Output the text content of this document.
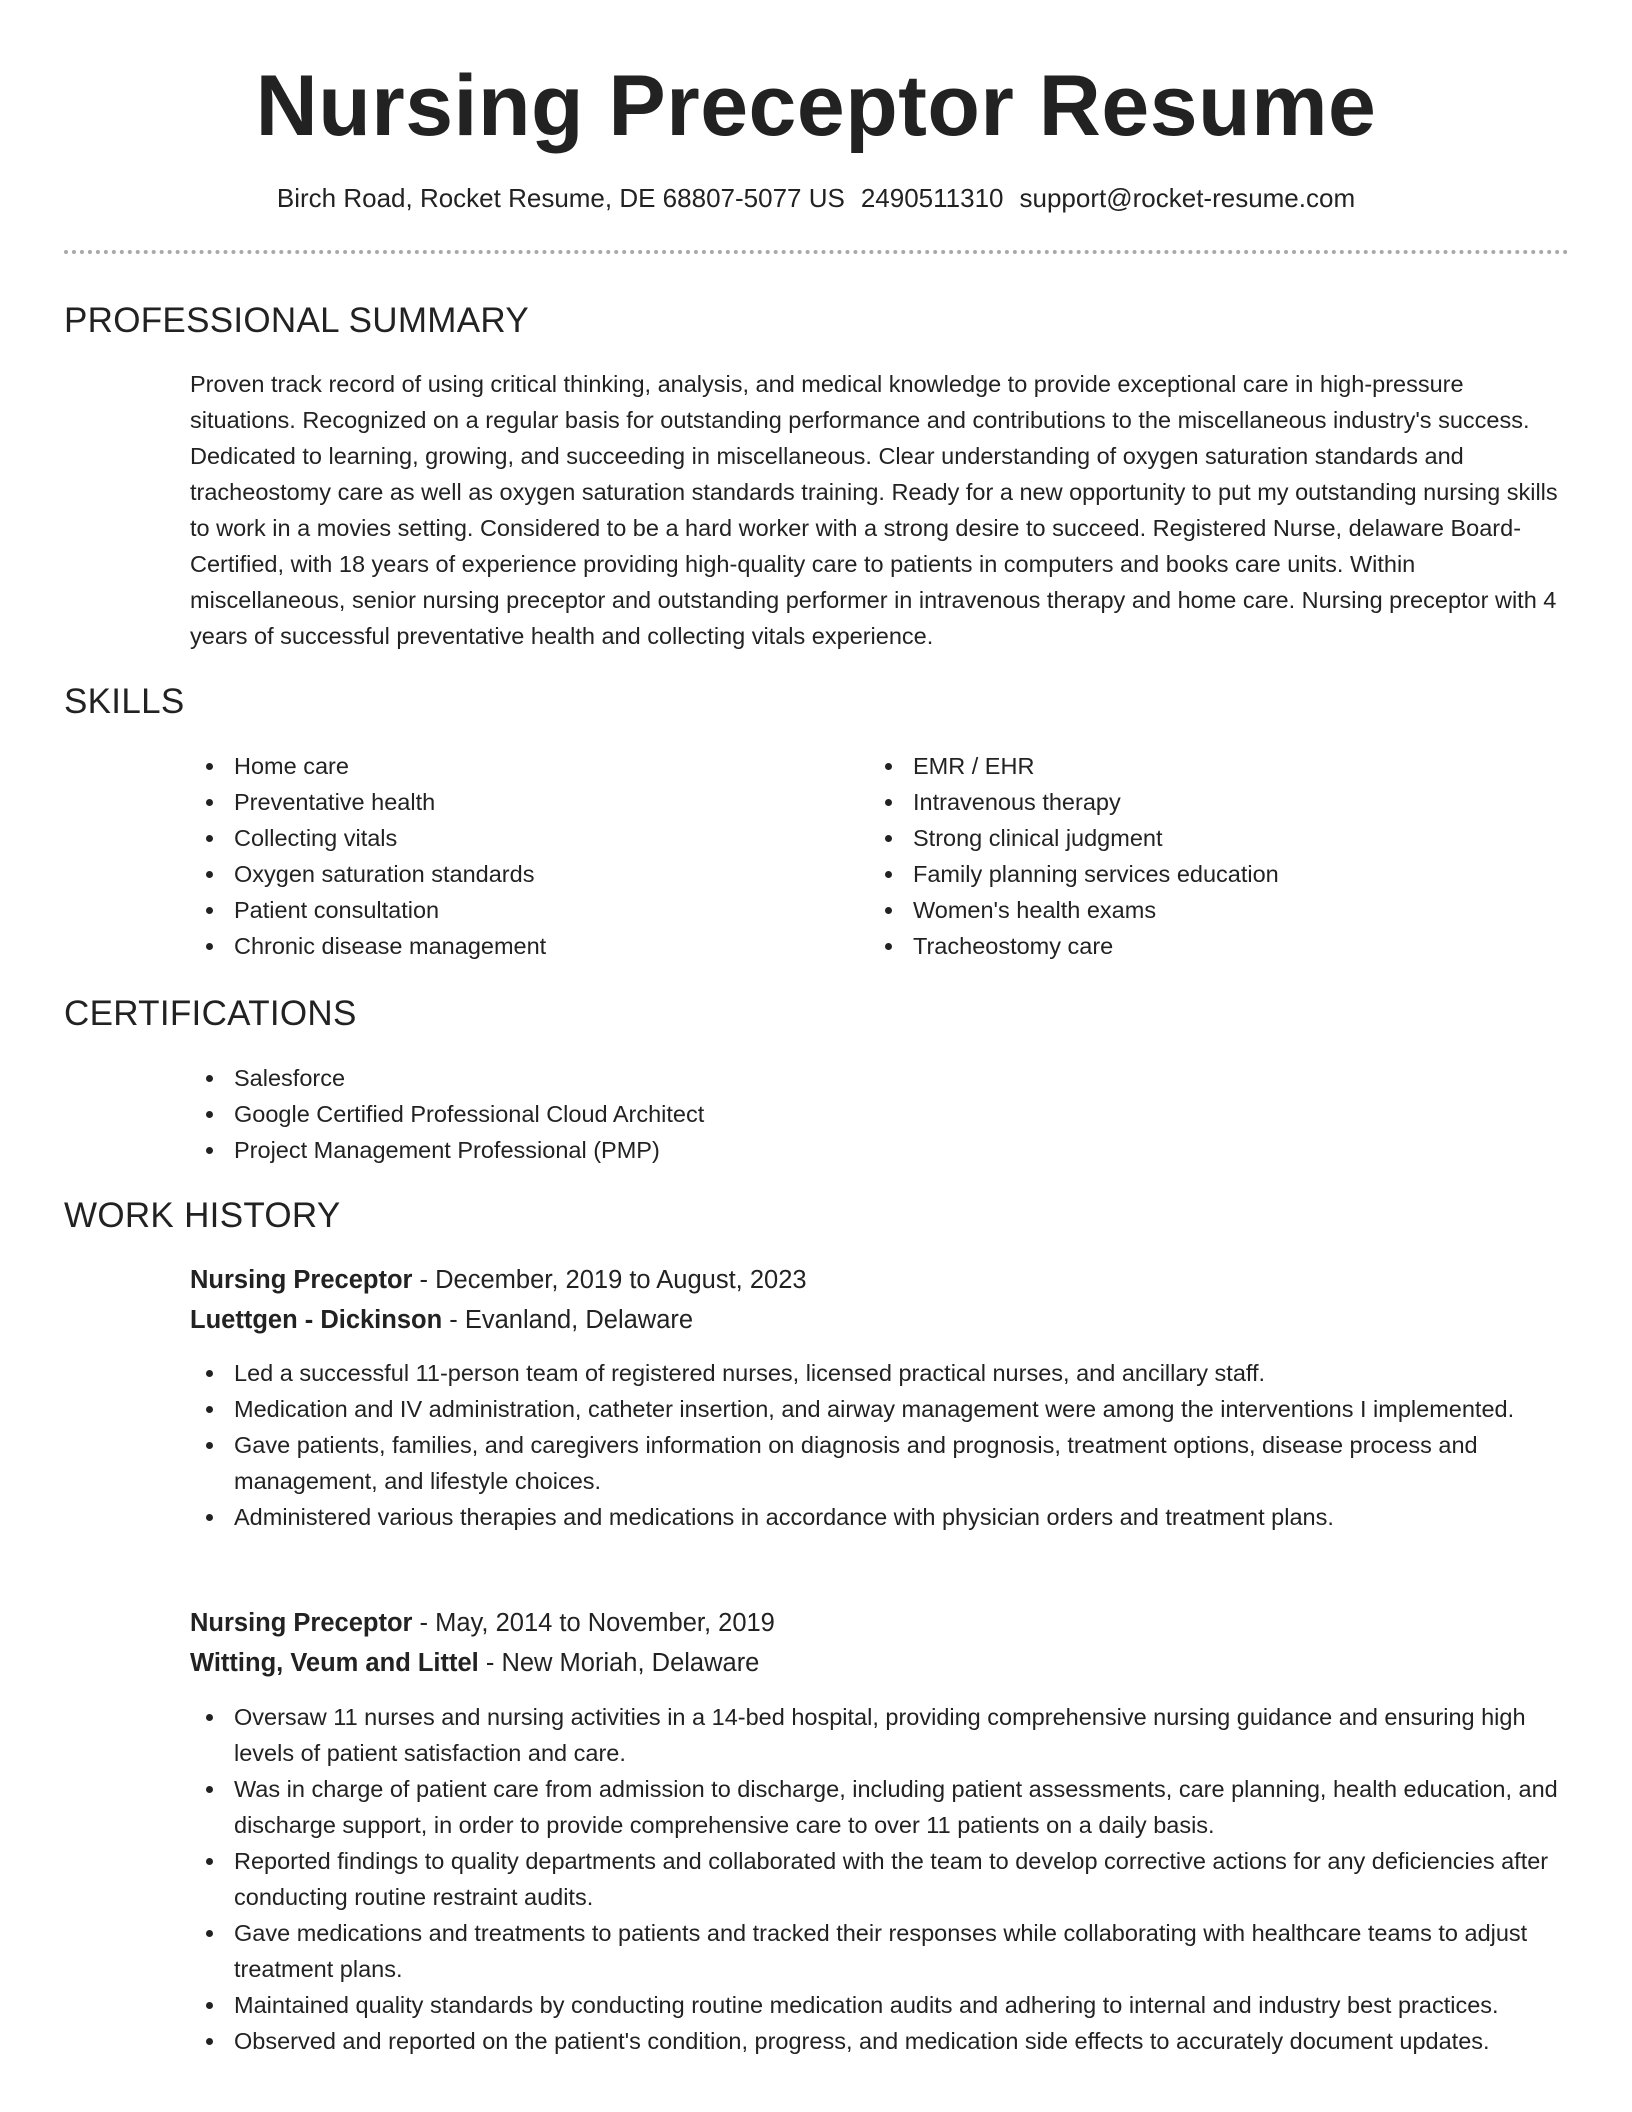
Nursing Preceptor Resume
Birch Road, Rocket Resume, DE 68807-5077 US 2490511310 support@rocket-resume.com
PROFESSIONAL SUMMARY

Proven track record of using critical thinking, analysis, and medical knowledge to provide exceptional care in high-pressure situations. Recognized on a regular basis for outstanding performance and contributions to the miscellaneous industry's success. Dedicated to learning, growing, and succeeding in miscellaneous. Clear understanding of oxygen saturation standards and tracheostomy care as well as oxygen saturation standards training. Ready for a new opportunity to put my outstanding nursing skills to work in a movies setting. Considered to be a hard worker with a strong desire to succeed. Registered Nurse, delaware Board-Certified, with 18 years of experience providing high-quality care to patients in computers and books care units. Within miscellaneous, senior nursing preceptor and outstanding performer in intravenous therapy and home care. Nursing preceptor with 4 years of successful preventative health and collecting vitals experience.

SKILLS
Home care
Preventative health
Collecting vitals
Oxygen saturation standards
Patient consultation
Chronic disease management
EMR / EHR
Intravenous therapy
Strong clinical judgment
Family planning services education
Women's health exams
Tracheostomy care
CERTIFICATIONS
Salesforce
Google Certified Professional Cloud Architect
Project Management Professional (PMP)
WORK HISTORY
Nursing Preceptor - December, 2019 to August, 2023
Luettgen - Dickinson - Evanland, Delaware
Led a successful 11-person team of registered nurses, licensed practical nurses, and ancillary staff.
Medication and IV administration, catheter insertion, and airway management were among the interventions I implemented.
Gave patients, families, and caregivers information on diagnosis and prognosis, treatment options, disease process and management, and lifestyle choices.
Administered various therapies and medications in accordance with physician orders and treatment plans.
Nursing Preceptor - May, 2014 to November, 2019
Witting, Veum and Littel - New Moriah, Delaware
Oversaw 11 nurses and nursing activities in a 14-bed hospital, providing comprehensive nursing guidance and ensuring high levels of patient satisfaction and care.
Was in charge of patient care from admission to discharge, including patient assessments, care planning, health education, and discharge support, in order to provide comprehensive care to over 11 patients on a daily basis.
Reported findings to quality departments and collaborated with the team to develop corrective actions for any deficiencies after conducting routine restraint audits.
Gave medications and treatments to patients and tracked their responses while collaborating with healthcare teams to adjust treatment plans.
Maintained quality standards by conducting routine medication audits and adhering to internal and industry best practices.
Observed and reported on the patient's condition, progress, and medication side effects to accurately document updates.
